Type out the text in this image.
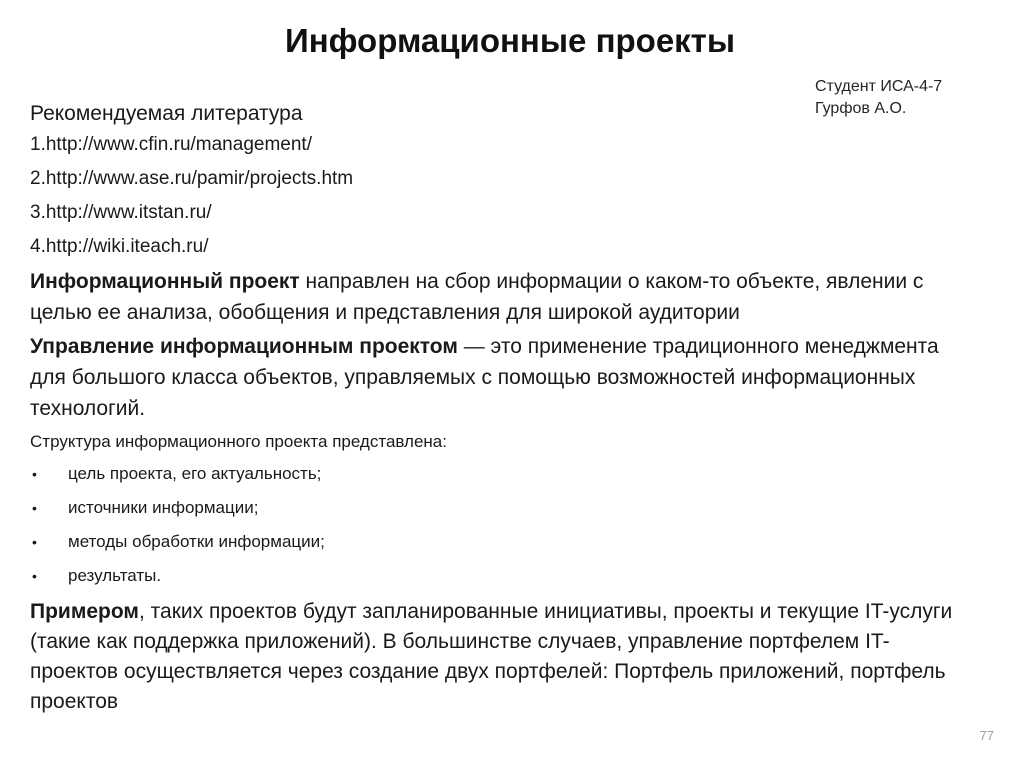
Информационные проекты
Студент ИСА-4-7
Гурфов А.О.
Рекомендуемая литература
1.http://www.cfin.ru/management/
2.http://www.ase.ru/pamir/projects.htm
3.http://www.itstan.ru/
4.http://wiki.iteach.ru/
Информационный проект направлен на сбор информации о каком-то объекте, явлении с целью ее анализа, обобщения и представления для широкой аудитории
Управление информационным проектом — это применение традиционного менеджмента для большого класса объектов, управляемых с помощью возможностей информационных технологий.
Структура информационного проекта представлена:
• цель проекта, его актуальность;
• источники информации;
• методы обработки информации;
• результаты.
Примером, таких проектов будут запланированные инициативы, проекты и текущие IT-услуги (такие как поддержка приложений). В большинстве случаев, управление портфелем IT-проектов осуществляется через создание двух портфелей: Портфель приложений, портфель проектов
77
